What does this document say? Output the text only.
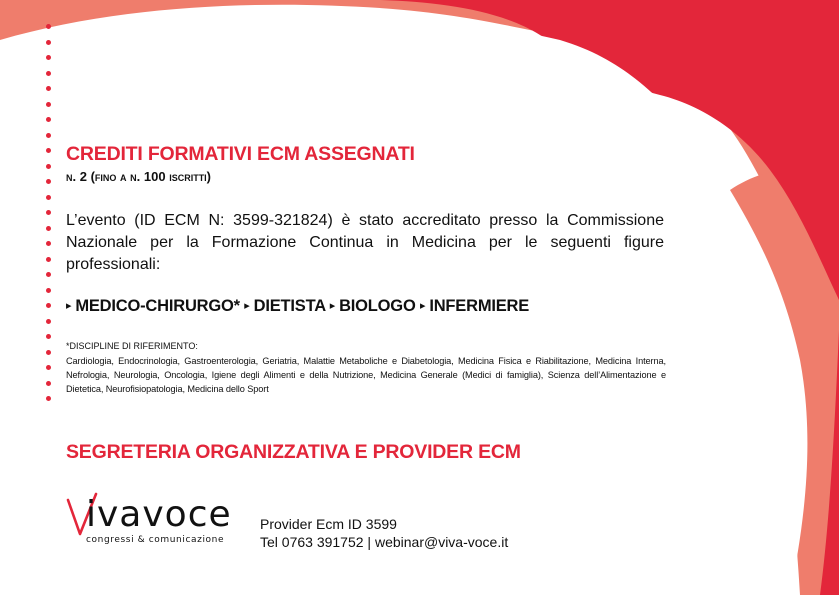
CREDITI FORMATIVI ECM ASSEGNATI
n. 2 (fino a n. 100 iscritti)
L’evento (ID ECM N: 3599-321824) è stato accreditato presso la Commissione Nazionale per la Formazione Continua in Medicina per le seguenti figure professionali:
▸ MEDICO-CHIRURGO* ▸ DIETISTA ▸ BIOLOGO ▸ INFERMIERE
*DISCIPLINE DI RIFERIMENTO:
Cardiologia, Endocrinologia, Gastroenterologia, Geriatria, Malattie Metaboliche e Diabetologia, Medicina Fisica e Riabilitazione, Medicina Interna, Nefrologia, Neurologia, Oncologia, Igiene degli Alimenti e della Nutrizione, Medicina Generale (Medici di famiglia), Scienza dell’Alimentazione e Dietetica, Neurofisiopatologia, Medicina dello Sport
SEGRETERIA ORGANIZZATIVA E PROVIDER ECM
ivavoce
congressi & comunicazione
Provider Ecm ID 3599
Tel 0763 391752 | webinar@viva-voce.it
